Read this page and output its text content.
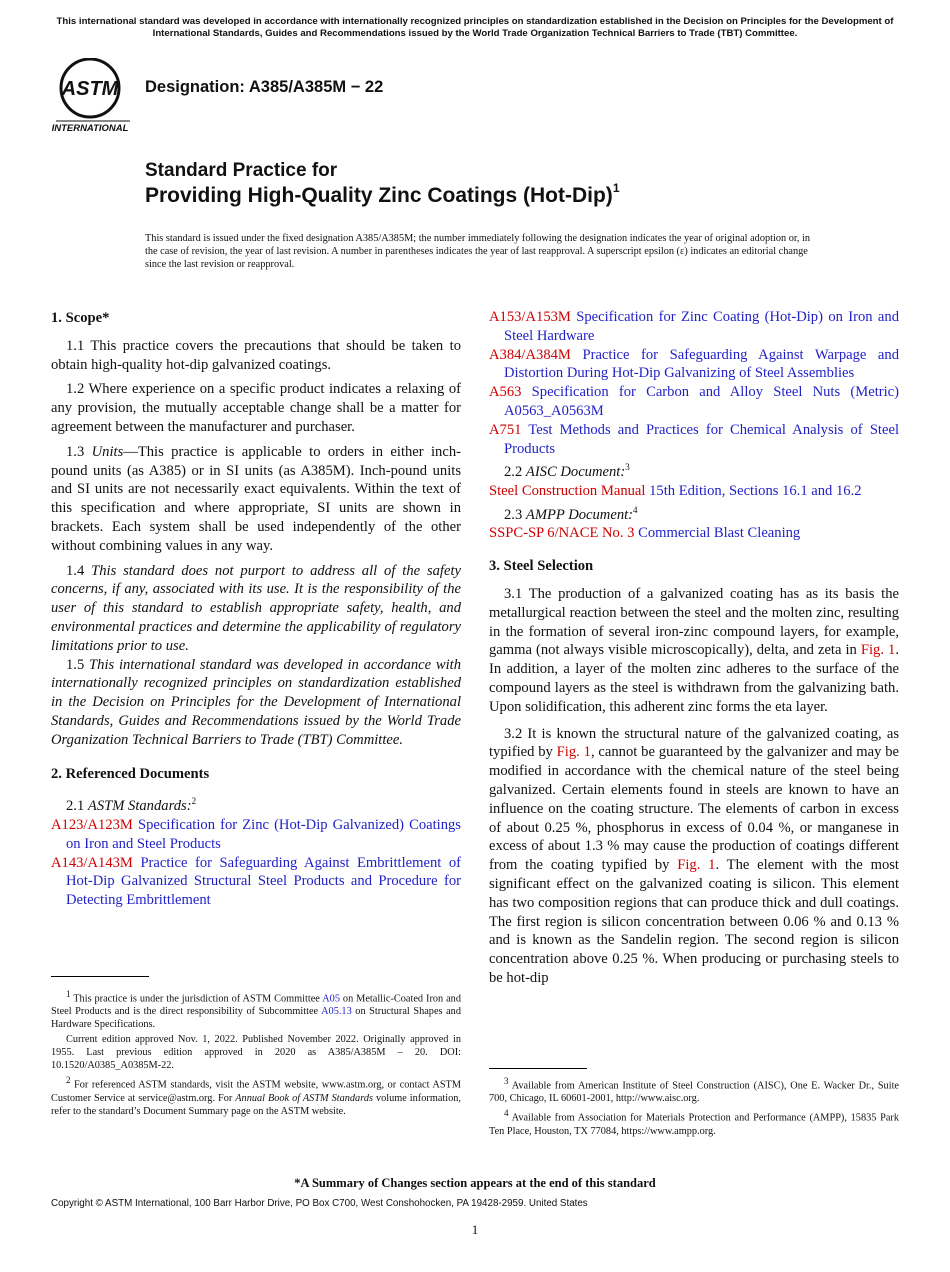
This international standard was developed in accordance with internationally recognized principles on standardization established in the Decision on Principles for the Development of International Standards, Guides and Recommendations issued by the World Trade Organization Technical Barriers to Trade (TBT) Committee.
ASTM
INTERNATIONAL
Designation: A385/A385M − 22
Standard Practice for
Providing High-Quality Zinc Coatings $(Hot-Dip)^1$
This standard is issued under the fixed designation A385/A385M; the number immediately following the designation indicates the year of original adoption or, in the case of revision, the year of last revision. A number in parentheses indicates the year of last reapproval. A superscript epsilon (ε) indicates an editorial change since the last revision or reapproval.
1. Scope*

1.1 This practice covers the precautions that should be taken to obtain high-quality hot-dip galvanized coatings.

1.2 Where experience on a specific product indicates a relaxing of any provision, the mutually acceptable change shall be a matter for agreement between the manufacturer and purchaser.

1.3 Units—This practice is applicable to orders in either inch-pound units (as A385) or in SI units (as A385M). Inch-pound units and SI units are not necessarily exact equivalents. Within the text of this specification and where appropriate, SI units are shown in brackets. Each system shall be used independently of the other without combining values in any way.

1.4 This standard does not purport to address all of the safety concerns, if any, associated with its use. It is the responsibility of the user of this standard to establish appropriate safety, health, and environmental practices and determine the applicability of regulatory limitations prior to use.

1.5 This international standard was developed in accordance with internationally recognized principles on standardization established in the Decision on Principles for the Development of International Standards, Guides and Recommendations issued by the World Trade Organization Technical Barriers to Trade (TBT) Committee.

2. Referenced Documents
2.1 ASTM Standards:$^2$
A123/A123M Specification for Zinc (Hot-Dip Galvanized) Coatings on Iron and Steel Products
A143/A143M Practice for Safeguarding Against Embrittlement of Hot-Dip Galvanized Structural Steel Products and Procedure for Detecting Embrittlement

$^1$ This practice is under the jurisdiction of ASTM Committee A05 on Metallic-Coated Iron and Steel Products and is the direct responsibility of Subcommittee A05.13 on Structural Shapes and Hardware Specifications.

Current edition approved Nov. 1, 2022. Published November 2022. Originally approved in 1955. Last previous edition approved in 2020 as A385/A385M – 20. DOI: 10.1520/A0385_A0385M-22.

$^2$ For referenced ASTM standards, visit the ASTM website, www.astm.org, or contact ASTM Customer Service at service@astm.org. For Annual Book of ASTM Standards volume information, refer to the standard’s Document Summary page on the ASTM website.

A153/A153M Specification for Zinc Coating (Hot-Dip) on Iron and Steel Hardware
A384/A384M Practice for Safeguarding Against Warpage and Distortion During Hot-Dip Galvanizing of Steel Assemblies
A563 Specification for Carbon and Alloy Steel Nuts (Metric) A0563_A0563M
A751 Test Methods and Practices for Chemical Analysis of Steel Products
2.2 AISC Document:$^3$
Steel Construction Manual 15th Edition, Sections 16.1 and 16.2
2.3 AMPP Document:$^4$
SSPC-SP 6/NACE No. 3 Commercial Blast Cleaning
3. Steel Selection

3.1 The production of a galvanized coating has as its basis the metallurgical reaction between the steel and the molten zinc, resulting in the formation of several iron-zinc compound layers, for example, gamma (not always visible microscopically), delta, and zeta in Fig. 1. In addition, a layer of the molten zinc adheres to the surface of the compound layers as the steel is withdrawn from the galvanizing bath. Upon solidification, this adherent zinc forms the eta layer.

3.2 It is known the structural nature of the galvanized coating, as typified by Fig. 1, cannot be guaranteed by the galvanizer and may be modified in accordance with the chemical nature of the steel being galvanized. Certain elements found in steels are known to have an influence on the coating structure. The elements of carbon in excess of about 0.25 %, phosphorus in excess of 0.04 %, or manganese in excess of about 1.3 % may cause the production of coatings different from the coating typified by Fig. 1. The element with the most significant effect on the galvanized coating is silicon. This element has two composition regions that can produce thick and dull coatings. The first region is silicon concentration between 0.06 % and 0.13 % and is known as the Sandelin region. The second region is silicon concentration above 0.25 %. When producing or purchasing steels to be hot-dip

$^3$ Available from American Institute of Steel Construction (AISC), One E. Wacker Dr., Suite 700, Chicago, IL 60601-2001, http://www.aisc.org.

$^4$ Available from Association for Materials Protection and Performance (AMPP), 15835 Park Ten Place, Houston, TX 77084, https://www.ampp.org.

*A Summary of Changes section appears at the end of this standard
Copyright © ASTM International, 100 Barr Harbor Drive, PO Box C700, West Conshohocken, PA 19428-2959. United States
1
